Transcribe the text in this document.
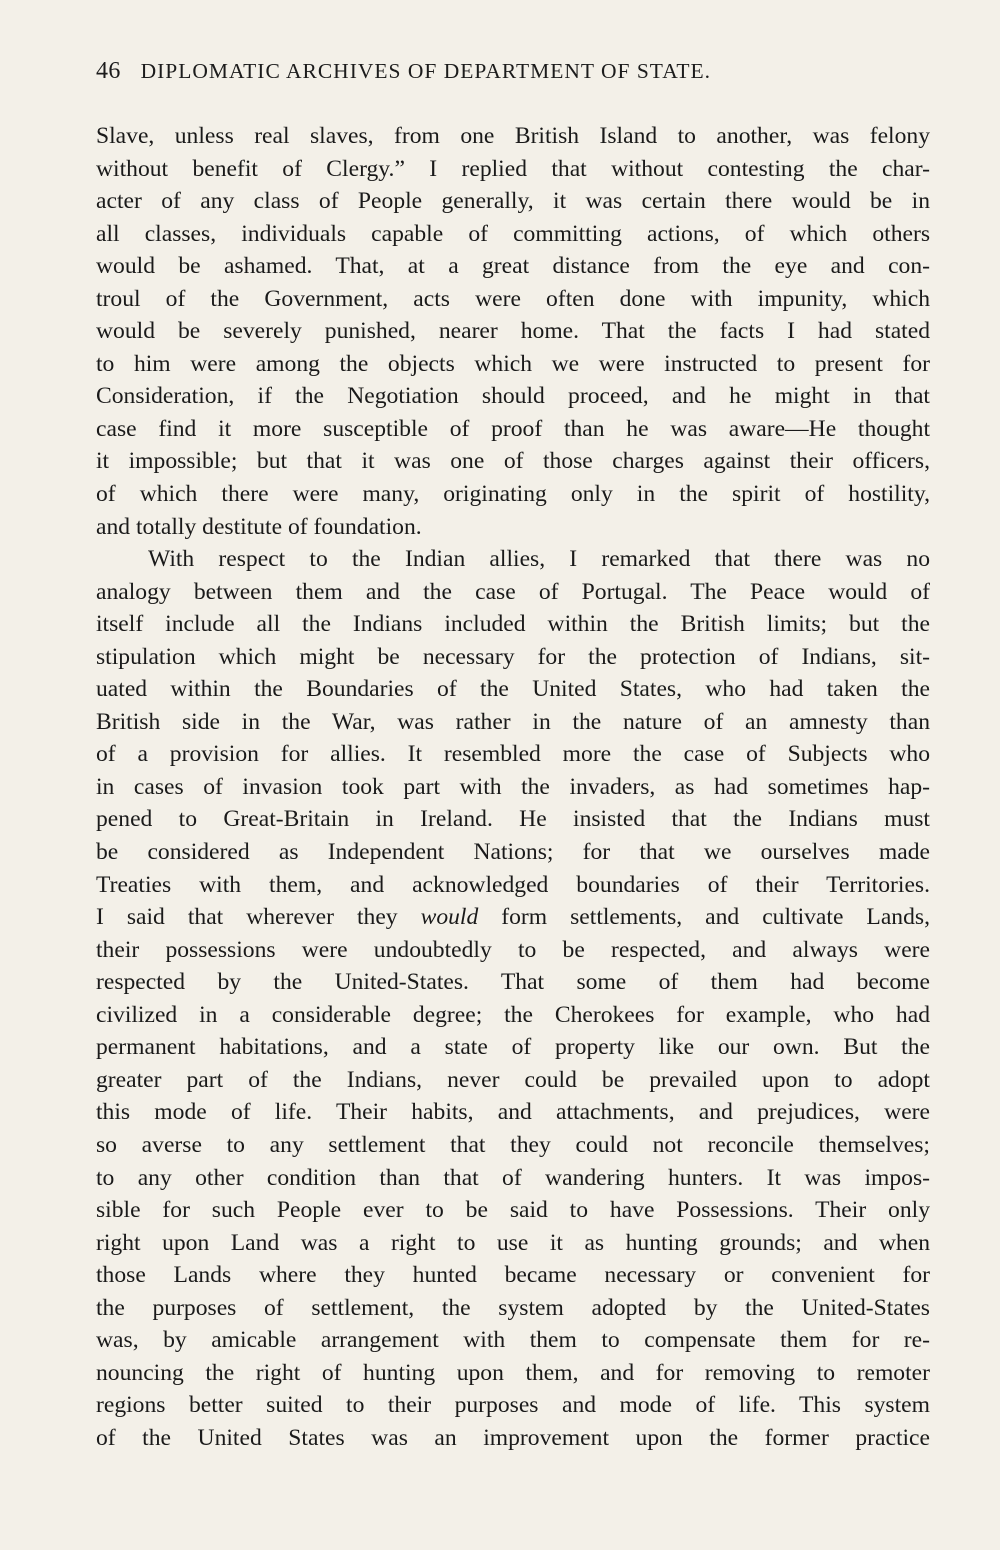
46 DIPLOMATIC ARCHIVES OF DEPARTMENT OF STATE.
Slave, unless real slaves, from one British Island to another, was felony
without benefit of Clergy.” I replied that without contesting the char-
acter of any class of People generally, it was certain there would be in
all classes, individuals capable of committing actions, of which others
would be ashamed. That, at a great distance from the eye and con-
troul of the Government, acts were often done with impunity, which
would be severely punished, nearer home. That the facts I had stated
to him were among the objects which we were instructed to present for
Consideration, if the Negotiation should proceed, and he might in that
case find it more susceptible of proof than he was aware—He thought
it impossible; but that it was one of those charges against their officers,
of which there were many, originating only in the spirit of hostility,
and totally destitute of foundation.
With respect to the Indian allies, I remarked that there was no
analogy between them and the case of Portugal. The Peace would of
itself include all the Indians included within the British limits; but the
stipulation which might be necessary for the protection of Indians, sit-
uated within the Boundaries of the United States, who had taken the
British side in the War, was rather in the nature of an amnesty than
of a provision for allies. It resembled more the case of Subjects who
in cases of invasion took part with the invaders, as had sometimes hap-
pened to Great-Britain in Ireland. He insisted that the Indians must
be considered as Independent Nations; for that we ourselves made
Treaties with them, and acknowledged boundaries of their Territories.
I said that wherever they would form settlements, and cultivate Lands,
their possessions were undoubtedly to be respected, and always were
respected by the United-States. That some of them had become
civilized in a considerable degree; the Cherokees for example, who had
permanent habitations, and a state of property like our own. But the
greater part of the Indians, never could be prevailed upon to adopt
this mode of life. Their habits, and attachments, and prejudices, were
so averse to any settlement that they could not reconcile themselves;
to any other condition than that of wandering hunters. It was impos-
sible for such People ever to be said to have Possessions. Their only
right upon Land was a right to use it as hunting grounds; and when
those Lands where they hunted became necessary or convenient for
the purposes of settlement, the system adopted by the United-States
was, by amicable arrangement with them to compensate them for re-
nouncing the right of hunting upon them, and for removing to remoter
regions better suited to their purposes and mode of life. This system
of the United States was an improvement upon the former practice
